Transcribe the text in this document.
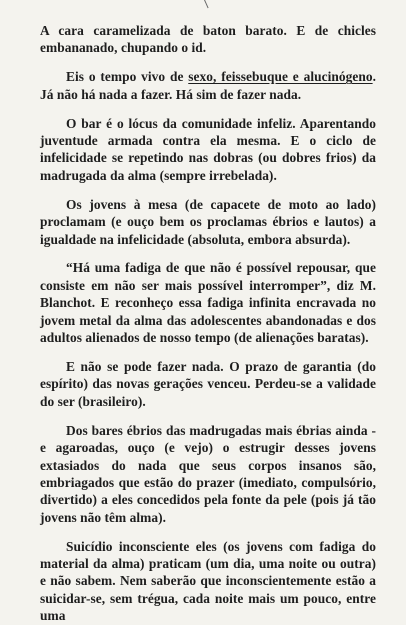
A cara caramelizada de baton barato. E de chicles embananado, chupando o id.

Eis o tempo vivo de sexo, feissebuque e alucinógeno. Já não há nada a fazer. Há sim de fazer nada.

O bar é o lócus da comunidade infeliz. Aparentando juventude armada contra ela mesma. E o ciclo de infelicidade se repetindo nas dobras (ou dobres frios) da madrugada da alma (sempre irrebelada).

Os jovens à mesa (de capacete de moto ao lado) proclamam (e ouço bem os proclamas ébrios e lautos) a igualdade na infelicidade (absoluta, embora absurda).

“Há uma fadiga de que não é possível repousar, que consiste em não ser mais possível interromper”, diz M. Blanchot. E reconheço essa fadiga infinita encravada no jovem metal da alma das adolescentes abandonadas e dos adultos alienados de nosso tempo (de alienações baratas).

E não se pode fazer nada. O prazo de garantia (do espírito) das novas gerações venceu. Perdeu-se a validade do ser (brasileiro).

Dos bares ébrios das madrugadas mais ébrias ainda - e agaroadas, ouço (e vejo) o estrugir desses jovens extasiados do nada que seus corpos insanos são, embriagados que estão do prazer (imediato, compulsório, divertido) a eles concedidos pela fonte da pele (pois já tão jovens não têm alma).

Suicídio inconsciente eles (os jovens com fadiga do material da alma) praticam (um dia, uma noite ou outra) e não sabem. Nem saberão que inconscientemente estão a suicidar-se, sem trégua, cada noite mais um pouco, entre uma
